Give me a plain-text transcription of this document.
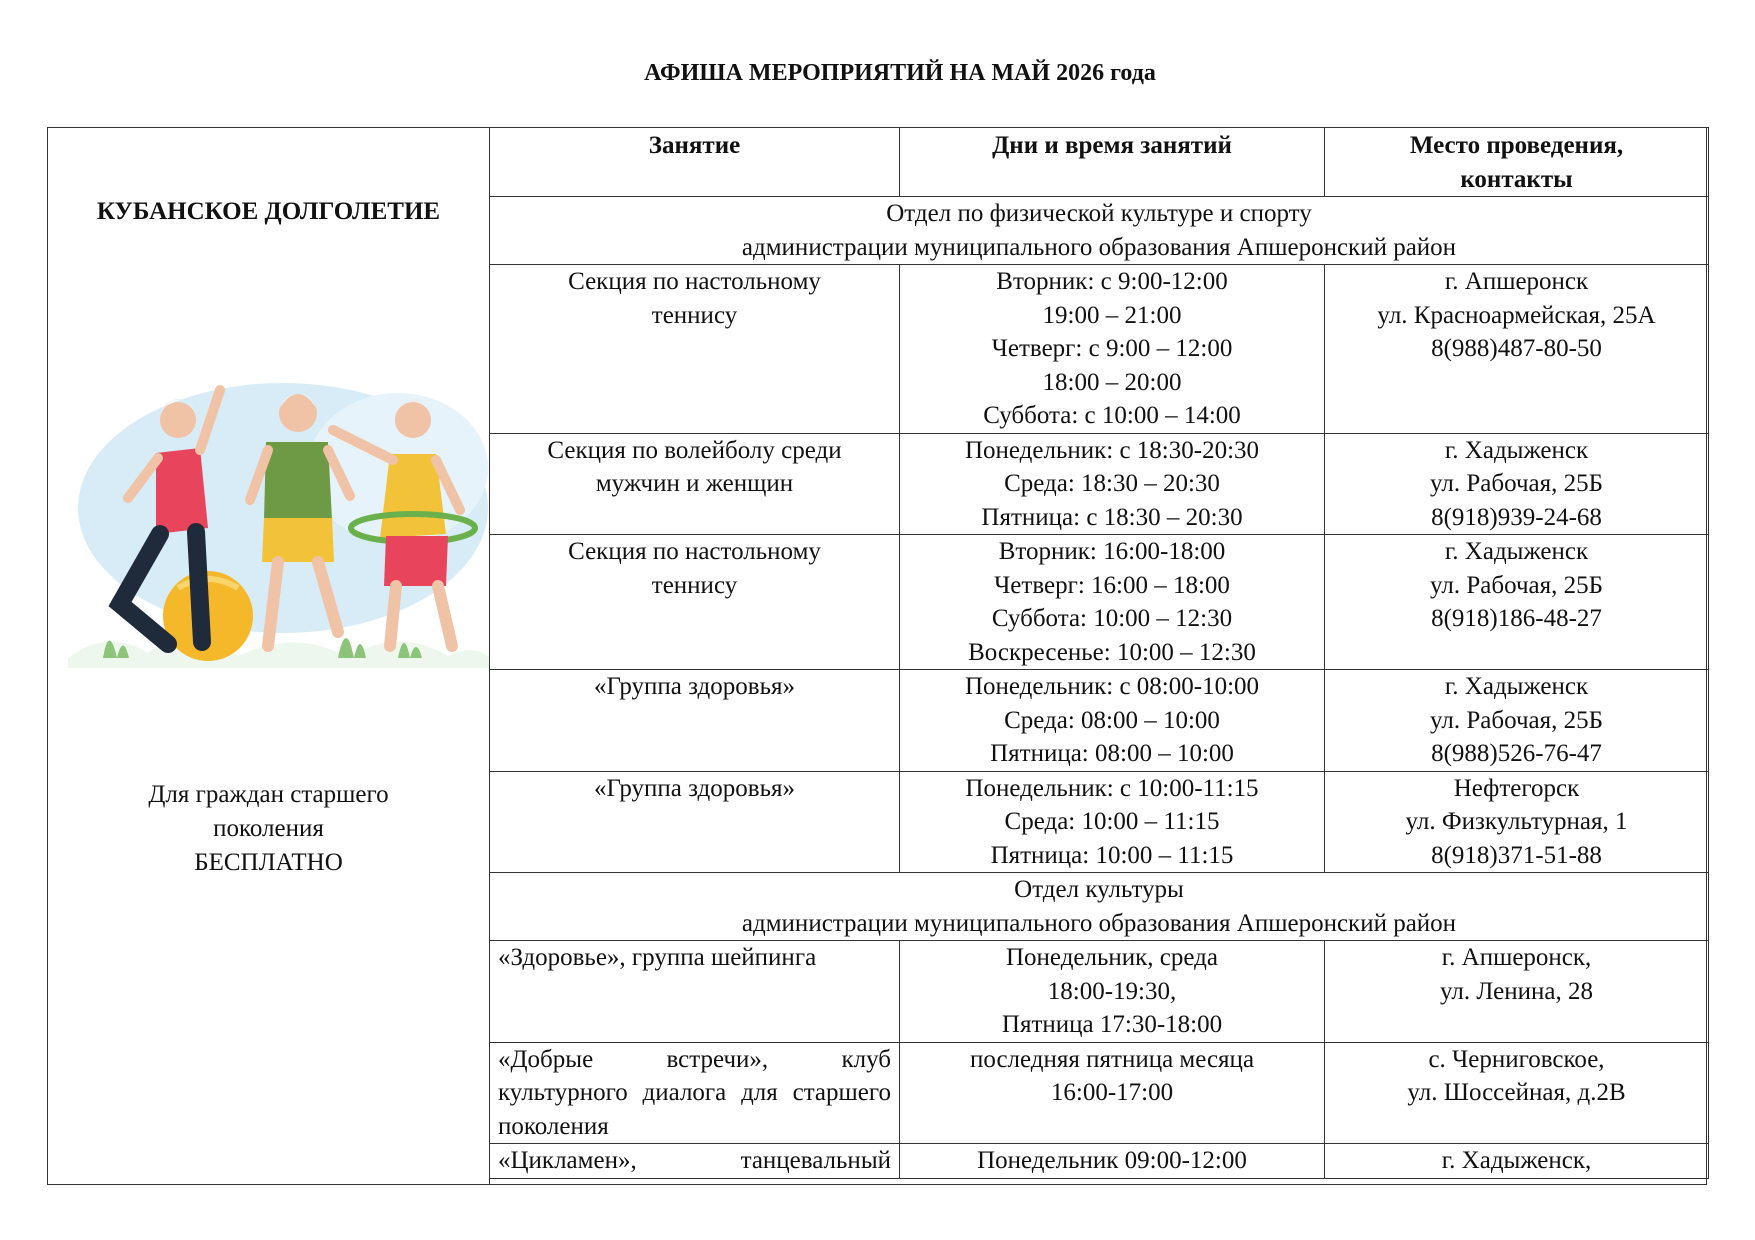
АФИША МЕРОПРИЯТИЙ НА МАЙ 2026 года
КУБАНСКОЕ ДОЛГОЛЕТИЕ
Для граждан старшего
поколения
БЕСПЛАТНО
Занятие	Дни и время занятий	Место проведения,
контакты

Отдел по физической культуре и спорту
администрации муниципального образования Апшеронский район		

Секция по настольному
теннису	Вторник: с 9:00-12:00
19:00 – 21:00
Четверг: с 9:00 – 12:00
18:00 – 20:00
Суббота: с 10:00 – 14:00	г. Апшеронск
ул. Красноармейская, 25А
8(988)487-80-50
Секция по волейболу среди
мужчин и женщин	Понедельник: с 18:30-20:30
Среда: 18:30 – 20:30
Пятница: с 18:30 – 20:30	г. Хадыженск
ул. Рабочая, 25Б
8(918)939-24-68
Секция по настольному
теннису	Вторник: 16:00-18:00
Четверг: 16:00 – 18:00
Суббота: 10:00 – 12:30
Воскресенье: 10:00 – 12:30	г. Хадыженск
ул. Рабочая, 25Б
8(918)186-48-27
«Группа здоровья»	Понедельник: с 08:00-10:00
Среда: 08:00 – 10:00
Пятница: 08:00 – 10:00	г. Хадыженск
ул. Рабочая, 25Б
8(988)526-76-47
«Группа здоровья»	Понедельник: с 10:00-11:15
Среда: 10:00 – 11:15
Пятница: 10:00 – 11:15	Нефтегорск
ул. Физкультурная, 1
8(918)371-51-88

Отдел культуры
администрации муниципального образования Апшеронский район		

«Здоровье», группа шейпинга	Понедельник, среда
18:00-19:30,
Пятница 17:30-18:00	г. Апшеронск,
ул. Ленина, 28
«Добрые встречи», клуб культурного диалога для старшего поколения	последняя пятница месяца
16:00-17:00	с. Черниговское,
ул. Шоссейная, д.2В
«Цикламен», танцевальный	Понедельник 09:00-12:00	г. Хадыженск,
